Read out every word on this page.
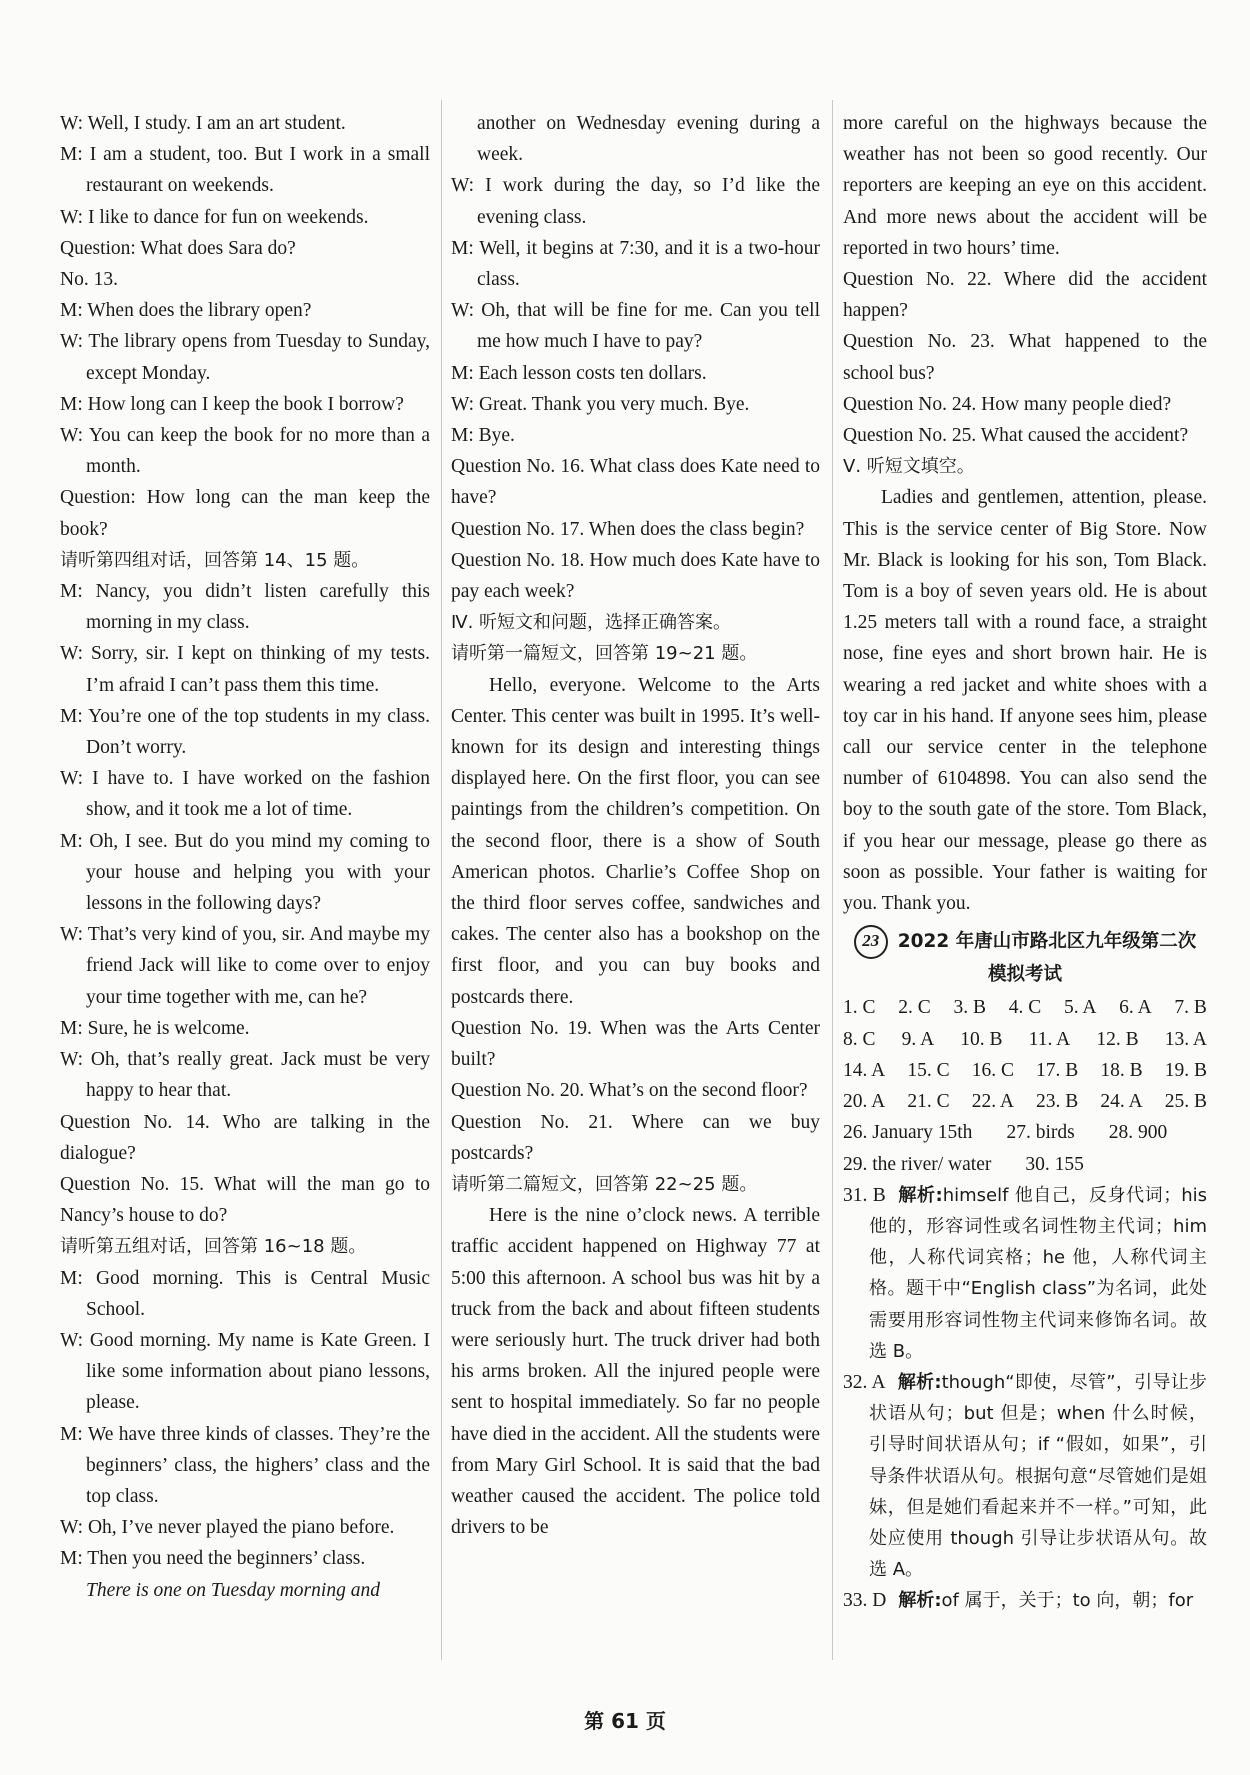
W: Well, I study. I am an art student.

M: I am a student, too. But I work in a small restaurant on weekends.

W: I like to dance for fun on weekends.

Question: What does Sara do?

No. 13.

M: When does the library open?

W: The library opens from Tuesday to Sunday, except Monday.

M: How long can I keep the book I borrow?

W: You can keep the book for no more than a month.

Question: How long can the man keep the book?

请听第四组对话，回答第 14、15 题。

M: Nancy, you didn’t listen carefully this morning in my class.

W: Sorry, sir. I kept on thinking of my tests. I’m afraid I can’t pass them this time.

M: You’re one of the top students in my class. Don’t worry.

W: I have to. I have worked on the fashion show, and it took me a lot of time.

M: Oh, I see. But do you mind my coming to your house and helping you with your lessons in the following days?

W: That’s very kind of you, sir. And maybe my friend Jack will like to come over to enjoy your time together with me, can he?

M: Sure, he is welcome.

W: Oh, that’s really great. Jack must be very happy to hear that.

Question No. 14. Who are talking in the dialogue?

Question No. 15. What will the man go to Nancy’s house to do?

请听第五组对话，回答第 16~18 题。

M: Good morning. This is Central Music School.

W: Good morning. My name is Kate Green. I like some information about piano lessons, please.

M: We have three kinds of classes. They’re the beginners’ class, the highers’ class and the top class.

W: Oh, I’ve never played the piano before.

M: Then you need the beginners’ class.

There is one on Tuesday morning and

another on Wednesday evening during a week.

W: I work during the day, so I’d like the evening class.

M: Well, it begins at 7:30, and it is a two-hour class.

W: Oh, that will be fine for me. Can you tell me how much I have to pay?

M: Each lesson costs ten dollars.

W: Great. Thank you very much. Bye.

M: Bye.

Question No. 16. What class does Kate need to have?

Question No. 17. When does the class begin?

Question No. 18. How much does Kate have to pay each week?

Ⅳ. 听短文和问题，选择正确答案。

请听第一篇短文，回答第 19~21 题。

Hello, everyone. Welcome to the Arts Center. This center was built in 1995. It’s well-known for its design and interesting things displayed here. On the first floor, you can see paintings from the children’s competition. On the second floor, there is a show of South American photos. Charlie’s Coffee Shop on the third floor serves coffee, sandwiches and cakes. The center also has a bookshop on the first floor, and you can buy books and postcards there.

Question No. 19. When was the Arts Center built?

Question No. 20. What’s on the second floor?

Question No. 21. Where can we buy postcards?

请听第二篇短文，回答第 22~25 题。

Here is the nine o’clock news. A terrible traffic accident happened on Highway 77 at 5:00 this afternoon. A school bus was hit by a truck from the back and about fifteen students were seriously hurt. The truck driver had both his arms broken. All the injured people were sent to hospital immediately. So far no people have died in the accident. All the students were from Mary Girl School. It is said that the bad weather caused the accident. The police told drivers to be

more careful on the highways because the weather has not been so good recently. Our reporters are keeping an eye on this accident. And more news about the accident will be reported in two hours’ time.

Question No. 22. Where did the accident happen?

Question No. 23. What happened to the school bus?

Question No. 24. How many people died?

Question No. 25. What caused the accident?

Ⅴ. 听短文填空。

Ladies and gentlemen, attention, please. This is the service center of Big Store. Now Mr. Black is looking for his son, Tom Black. Tom is a boy of seven years old. He is about 1.25 meters tall with a round face, a straight nose, fine eyes and short brown hair. He is wearing a red jacket and white shoes with a toy car in his hand. If anyone sees him, please call our service center in the telephone number of 6104898. You can also send the boy to the south gate of the store. Tom Black, if you hear our message, please go there as soon as possible. Your father is waiting for you. Thank you.

23 2022 年唐山市路北区九年级第二次
模拟考试
1. C 2. C 3. B 4. C 5. A 6. A 7. B
8. C 9. A 10. B 11. A 12. B 13. A
14. A 15. C 16. C 17. B 18. B 19. B
20. A 21. C 22. A 23. B 24. A 25. B
26. January 15th 27. birds 28. 900
29. the river/ water 30. 155

31. B 解析:himself 他自己，反身代词；his 他的，形容词性或名词性物主代词；him 他，人称代词宾格；he 他，人称代词主格。题干中“English class”为名词，此处需要用形容词性物主代词来修饰名词。故选 B。

32. A 解析:though“即使，尽管”，引导让步状语从句；but 但是；when 什么时候，引导时间状语从句；if “假如，如果”，引导条件状语从句。根据句意“尽管她们是姐妹，但是她们看起来并不一样。”可知，此处应使用 though 引导让步状语从句。故选 A。

33. D 解析:of 属于，关于；to 向，朝；for

第 61 页
